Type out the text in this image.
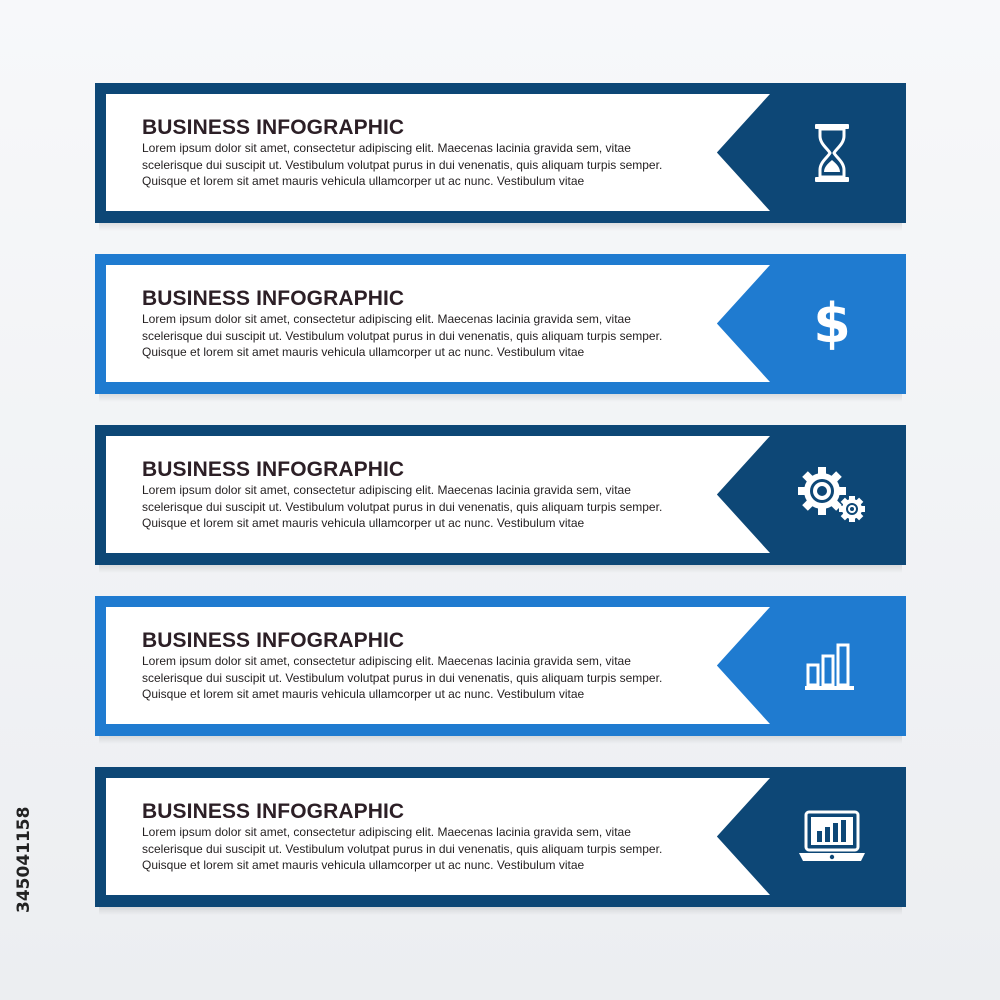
BUSINESS INFOGRAPHIC

Lorem ipsum dolor sit amet, consectetur adipiscing elit. Maecenas lacinia gravida sem, vitae scelerisque dui suscipit ut. Vestibulum volutpat purus in dui venenatis, quis aliquam turpis semper. Quisque et lorem sit amet mauris vehicula ullamcorper ut ac nunc. Vestibulum vitae

BUSINESS INFOGRAPHIC

Lorem ipsum dolor sit amet, consectetur adipiscing elit. Maecenas lacinia gravida sem, vitae scelerisque dui suscipit ut. Vestibulum volutpat purus in dui venenatis, quis aliquam turpis semper. Quisque et lorem sit amet mauris vehicula ullamcorper ut ac nunc. Vestibulum vitae	$
BUSINESS INFOGRAPHIC

Lorem ipsum dolor sit amet, consectetur adipiscing elit. Maecenas lacinia gravida sem, vitae scelerisque dui suscipit ut. Vestibulum volutpat purus in dui venenatis, quis aliquam turpis semper. Quisque et lorem sit amet mauris vehicula ullamcorper ut ac nunc. Vestibulum vitae

BUSINESS INFOGRAPHIC

Lorem ipsum dolor sit amet, consectetur adipiscing elit. Maecenas lacinia gravida sem, vitae scelerisque dui suscipit ut. Vestibulum volutpat purus in dui venenatis, quis aliquam turpis semper. Quisque et lorem sit amet mauris vehicula ullamcorper ut ac nunc. Vestibulum vitae

BUSINESS INFOGRAPHIC

Lorem ipsum dolor sit amet, consectetur adipiscing elit. Maecenas lacinia gravida sem, vitae scelerisque dui suscipit ut. Vestibulum volutpat purus in dui venenatis, quis aliquam turpis semper. Quisque et lorem sit amet mauris vehicula ullamcorper ut ac nunc. Vestibulum vitae

345041158
